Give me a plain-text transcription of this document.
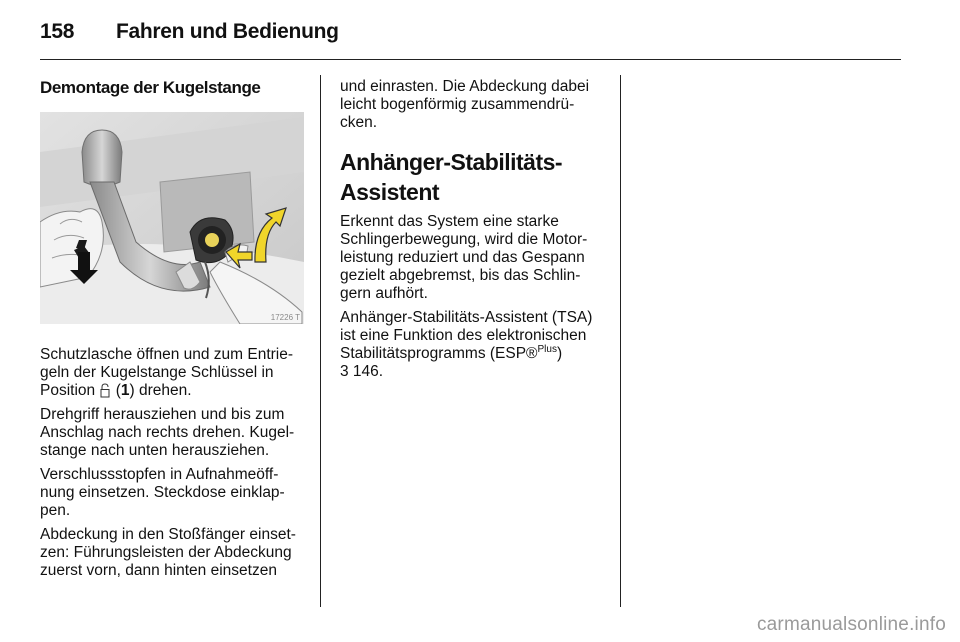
158 Fahren und Bedienung
Demontage der Kugelstange
17226 T

Schutzlasche öffnen und zum Entrie-
geln der Kugelstange Schlüssel in
Position  (1) drehen.

Drehgriff herausziehen und bis zum
Anschlag nach rechts drehen. Kugel-
stange nach unten herausziehen.

Verschlussstopfen in Aufnahmeöff-
nung einsetzen. Steckdose einklap-
pen.

Abdeckung in den Stoßfänger einset-
zen: Führungsleisten der Abdeckung
zuerst vorn, dann hinten einsetzen

und einrasten. Die Abdeckung dabei
leicht bogenförmig zusammendrü-
cken.

Anhänger-Stabilitäts-
Assistent

Erkennt das System eine starke
Schlingerbewegung, wird die Motor-
leistung reduziert und das Gespann
gezielt abgebremst, bis das Schlin-
gern aufhört.

Anhänger-Stabilitäts-Assistent (TSA)
ist eine Funktion des elektronischen
Stabilitätsprogramms (ESP®$^{Plus}$)
3 146.

carmanualsonline.info
